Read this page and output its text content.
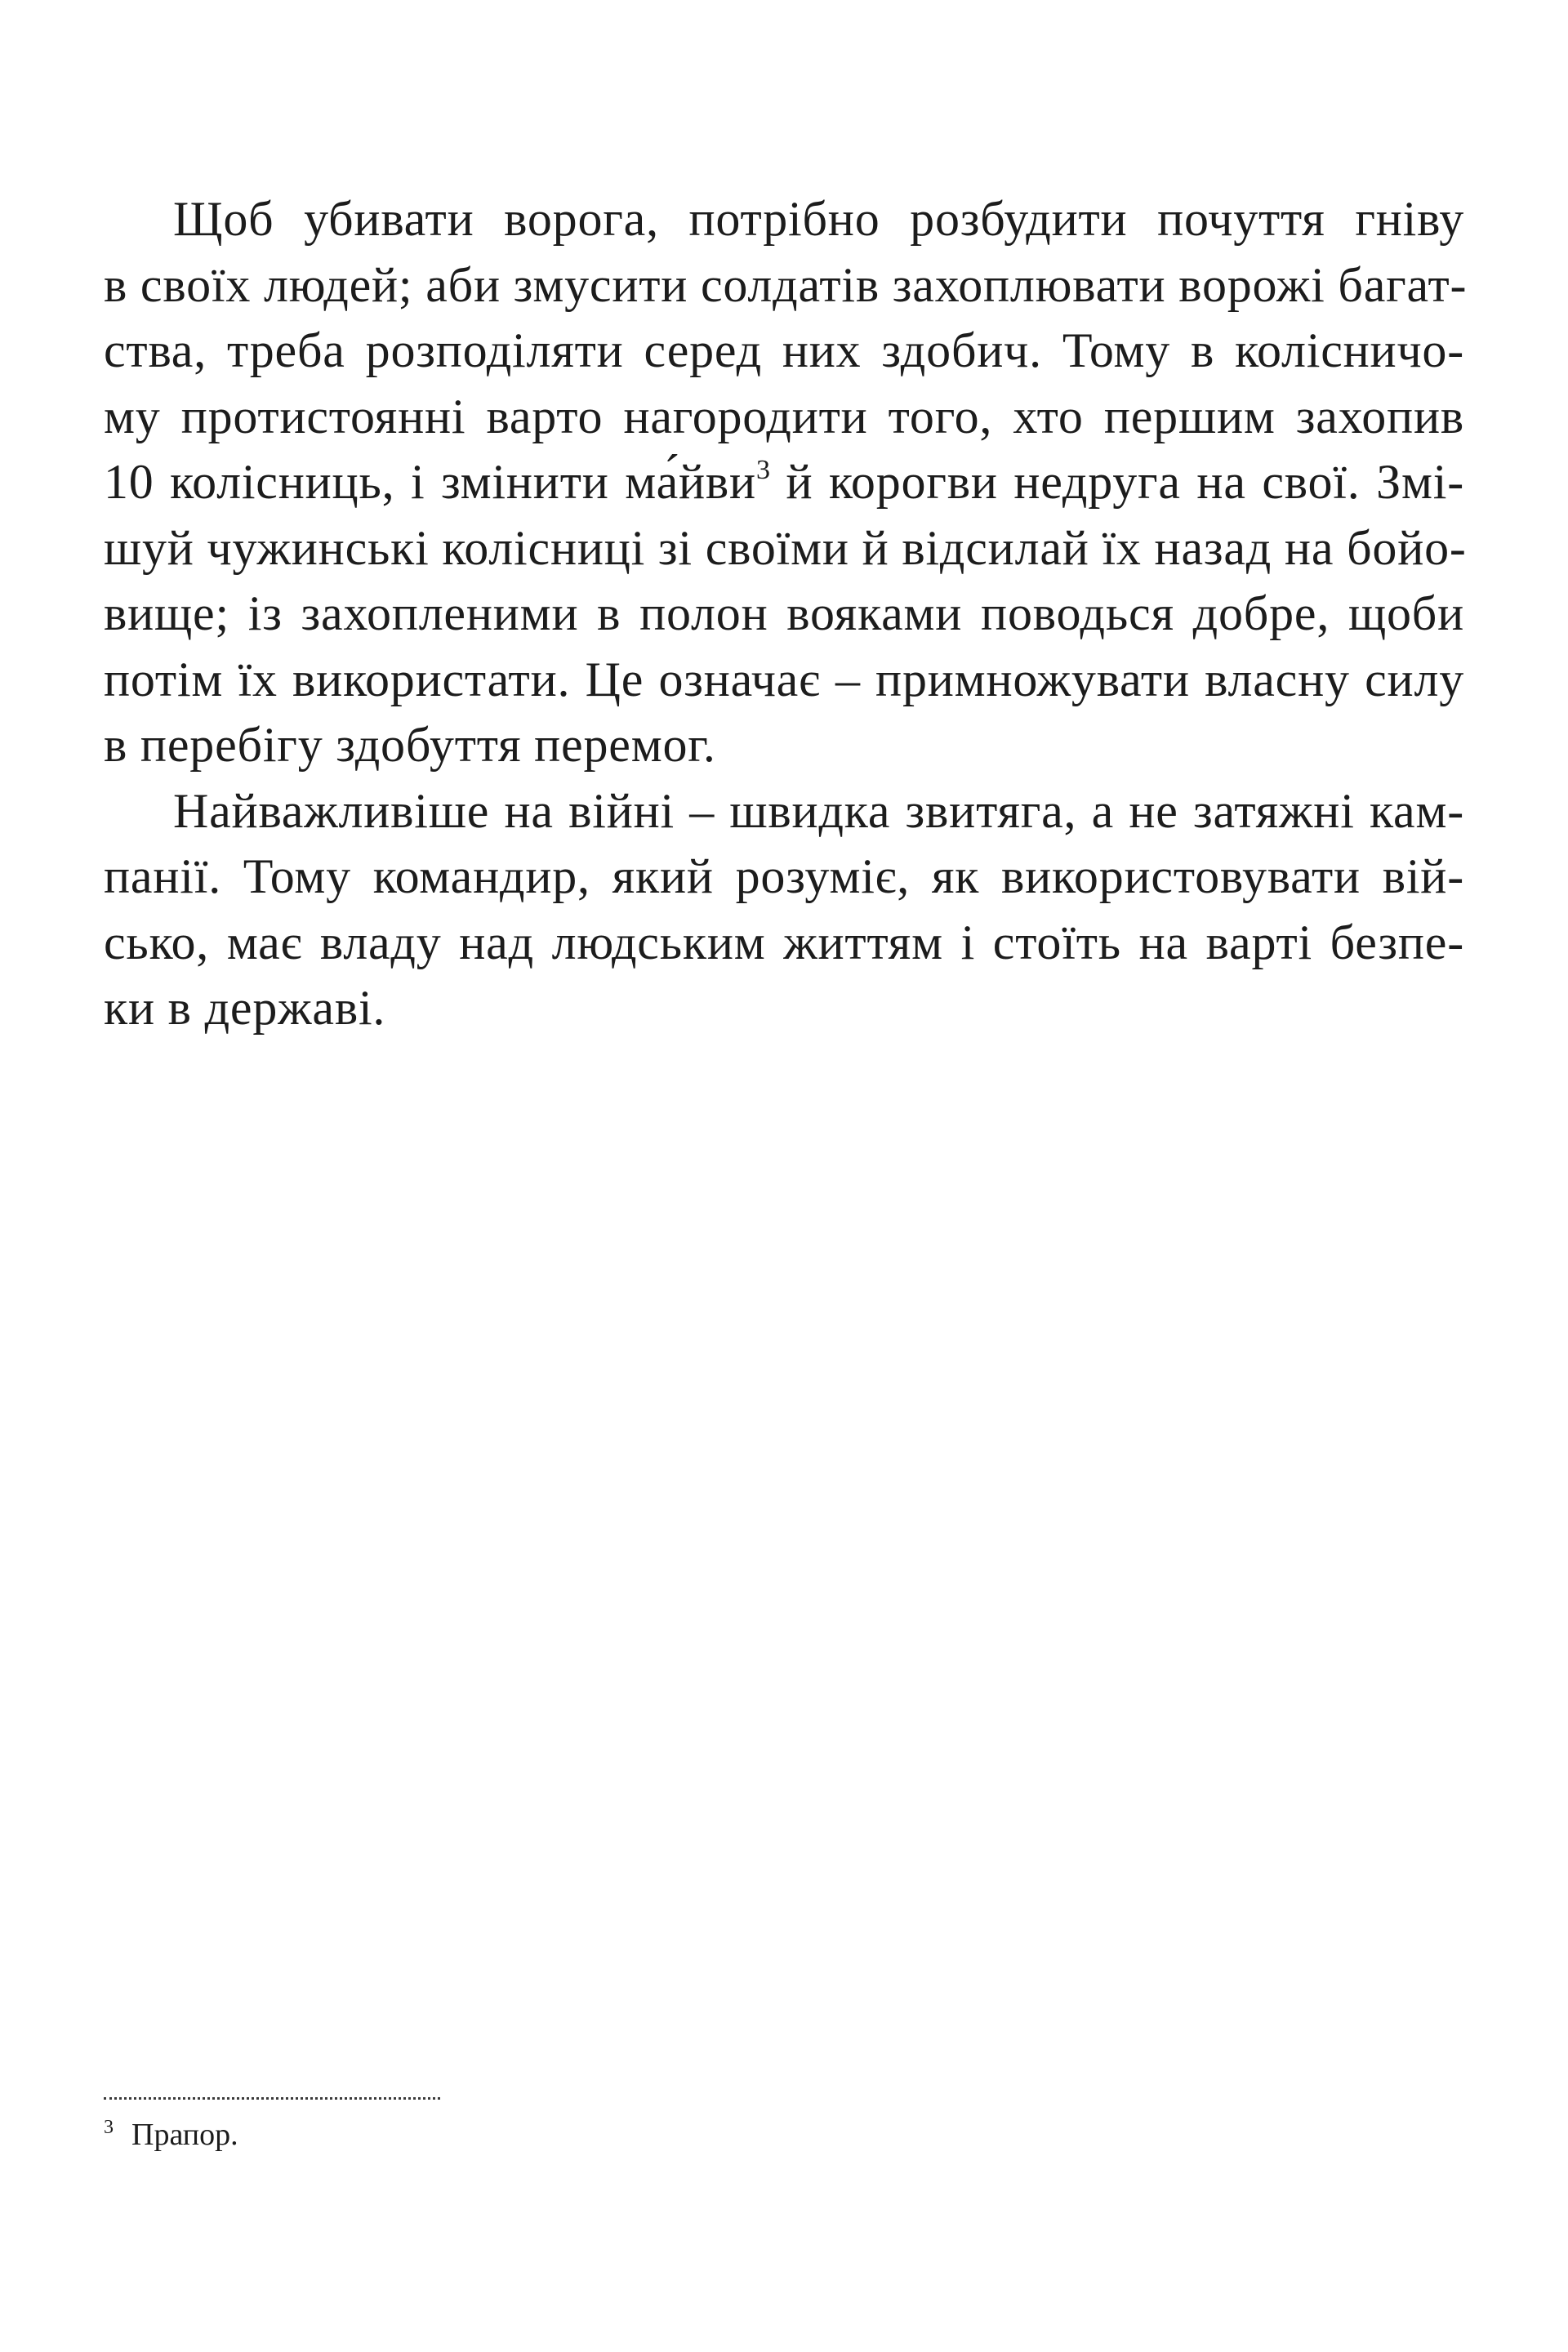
Щоб убивати ворога, потрібно розбудити почуття гніву
в своїх людей; аби змусити солдатів захоплювати ворожі багат-
ства, треба розподіляти серед них здобич. Тому в колісничо-
му протистоянні варто нагородити того, хто першим захопив
10 колісниць, і змінити ма́йви$^3$ й корогви недруга на свої. Змі-
шуй чужинські колісниці зі своїми й відсилай їх назад на бойо-
вище; із захопленими в полон вояками поводься добре, щоби
потім їх використати. Це означає – примножувати власну силу
в перебігу здобуття перемог.
Найважливіше на війні – швидка звитяга, а не затяжні кам-
панії. Тому командир, який розуміє, як використовувати вій-
сько, має владу над людським життям і стоїть на варті безпе-
ки в державі.
$^3$ Прапор.
